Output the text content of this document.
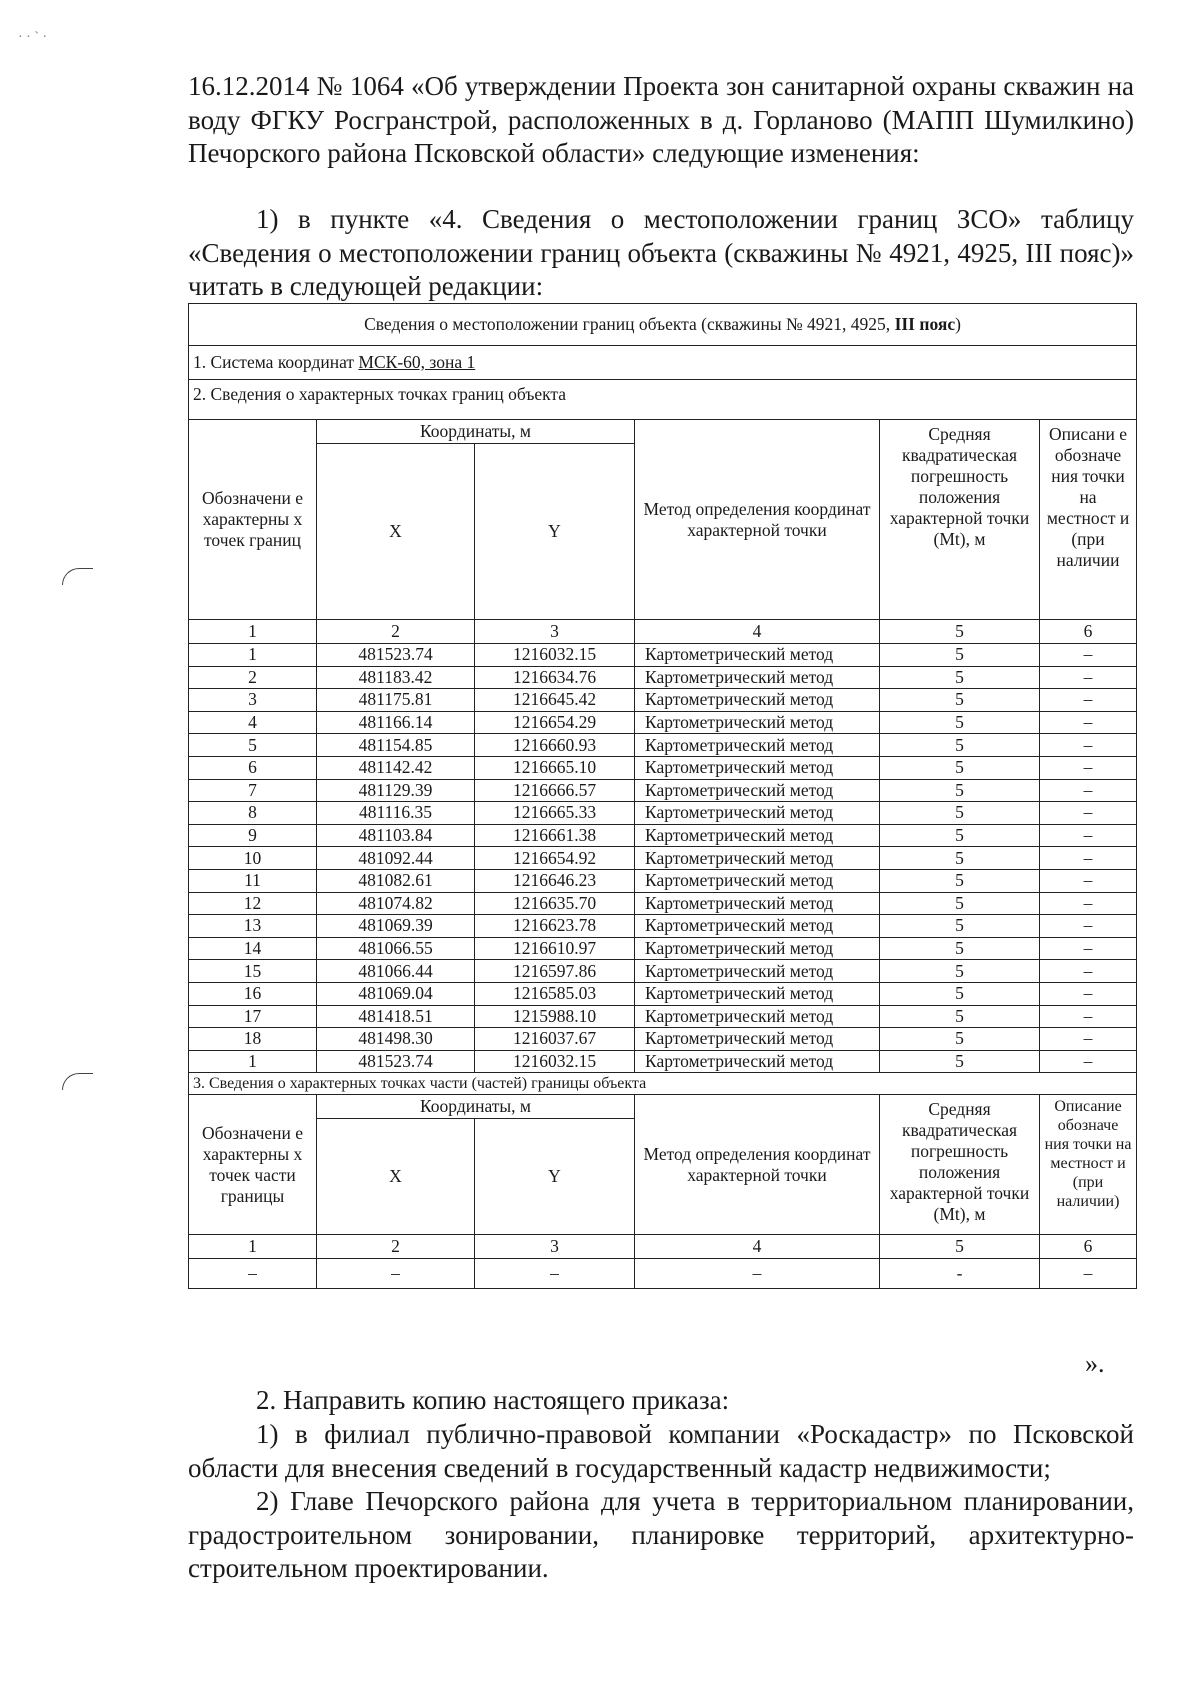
· · ˋ ·
16.12.2014 № 1064 «Об утверждении Проекта зон санитарной охраны скважин на воду ФГКУ Росгранстрой, расположенных в д. Горланово (МАПП Шумилкино) Печорского района Псковской области» следующие изменения:
1) в пункте «4. Сведения о местоположении границ ЗСО» таблицу «Сведения о местоположении границ объекта (скважины № 4921, 4925, III пояс)» читать в следующей редакции:
Сведения о местоположении границ объекта (скважины № 4921, 4925, III пояс)					
1. Система координат МСК-60, зона 1					
2. Сведения о характерных точках границ объекта					
Обозначени е характерны х точек границ	Координаты, м		Метод определения координат характерной точки	Средняя квадратическая погрешность положения характерной точки (Mt), м	Описани е обозначе ния точки на местност и (при наличии
	X	Y			
1	2	3	4	5	6
1	481523.74	1216032.15	Картометрический метод	5	–
2	481183.42	1216634.76	Картометрический метод	5	–
3	481175.81	1216645.42	Картометрический метод	5	–
4	481166.14	1216654.29	Картометрический метод	5	–
5	481154.85	1216660.93	Картометрический метод	5	–
6	481142.42	1216665.10	Картометрический метод	5	–
7	481129.39	1216666.57	Картометрический метод	5	–
8	481116.35	1216665.33	Картометрический метод	5	–
9	481103.84	1216661.38	Картометрический метод	5	–
10	481092.44	1216654.92	Картометрический метод	5	–
11	481082.61	1216646.23	Картометрический метод	5	–
12	481074.82	1216635.70	Картометрический метод	5	–
13	481069.39	1216623.78	Картометрический метод	5	–
14	481066.55	1216610.97	Картометрический метод	5	–
15	481066.44	1216597.86	Картометрический метод	5	–
16	481069.04	1216585.03	Картометрический метод	5	–
17	481418.51	1215988.10	Картометрический метод	5	–
18	481498.30	1216037.67	Картометрический метод	5	–
1	481523.74	1216032.15	Картометрический метод	5	–
3. Сведения о характерных точках части (частей) границы объекта					
Обозначени е характерны х точек части границы	Координаты, м		Метод определения координат характерной точки	Средняя квадратическая погрешность положения характерной точки (Mt), м	Описание обозначе ния точки на местност и (при наличии)
	X	Y			
1	2	3	4	5	6
–	–	–	–	-	–
».
2. Направить копию настоящего приказа:
1) в филиал публично-правовой компании «Роскадастр» по Псковской области для внесения сведений в государственный кадастр недвижимости;
2) Главе Печорского района для учета в территориальном планировании, градостроительном зонировании, планировке территорий, архитектурно-строительном проектировании.
